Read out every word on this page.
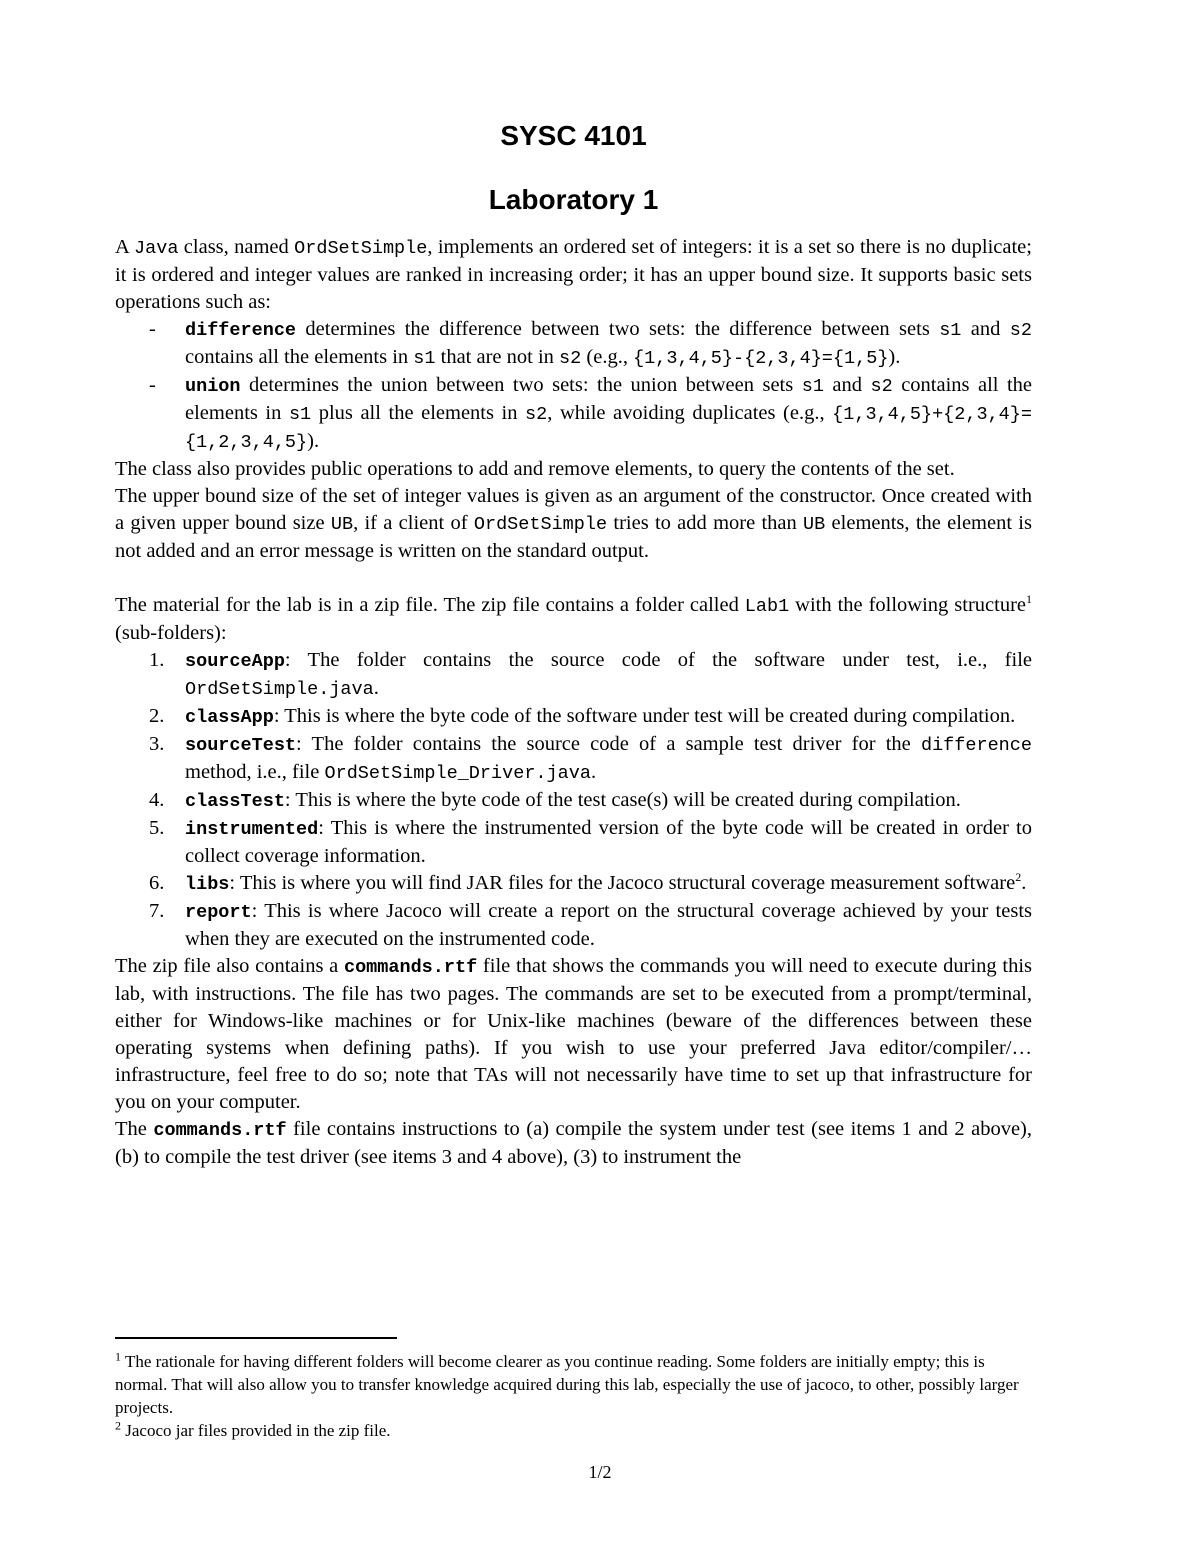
SYSC 4101
Laboratory 1

A Java class, named OrdSetSimple, implements an ordered set of integers: it is a set so there is no duplicate; it is ordered and integer values are ranked in increasing order; it has an upper bound size. It supports basic sets operations such as:

- difference determines the difference between two sets: the difference between sets s1 and s2 contains all the elements in s1 that are not in s2 (e.g., {1,3,4,5}-{2,3,4}={1,5}).
- union determines the union between two sets: the union between sets s1 and s2 contains all the elements in s1 plus all the elements in s2, while avoiding duplicates (e.g., {1,3,4,5}+{2,3,4}={1,2,3,4,5}).

The class also provides public operations to add and remove elements, to query the contents of the set.

The upper bound size of the set of integer values is given as an argument of the constructor. Once created with a given upper bound size UB, if a client of OrdSetSimple tries to add more than UB elements, the element is not added and an error message is written on the standard output.

The material for the lab is in a zip file. The zip file contains a folder called Lab1 with the following structure$^1$ (sub-folders):

1. sourceApp: The folder contains the source code of the software under test, i.e., file OrdSetSimple.java.
2. classApp: This is where the byte code of the software under test will be created during compilation.
3. sourceTest: The folder contains the source code of a sample test driver for the difference method, i.e., file OrdSetSimple_Driver.java.
4. classTest: This is where the byte code of the test case(s) will be created during compilation.
5. instrumented: This is where the instrumented version of the byte code will be created in order to collect coverage information.
6. libs: This is where you will find JAR files for the Jacoco structural coverage measurement software$^2$.
7. report: This is where Jacoco will create a report on the structural coverage achieved by your tests when they are executed on the instrumented code.

The zip file also contains a commands.rtf file that shows the commands you will need to execute during this lab, with instructions. The file has two pages. The commands are set to be executed from a prompt/terminal, either for Windows-like machines or for Unix-like machines (beware of the differences between these operating systems when defining paths). If you wish to use your preferred Java editor/compiler/… infrastructure, feel free to do so; note that TAs will not necessarily have time to set up that infrastructure for you on your computer.

The commands.rtf file contains instructions to (a) compile the system under test (see items 1 and 2 above), (b) to compile the test driver (see items 3 and 4 above), (3) to instrument the

$^1$ The rationale for having different folders will become clearer as you continue reading. Some folders are initially empty; this is normal. That will also allow you to transfer knowledge acquired during this lab, especially the use of jacoco, to other, possibly larger projects.

$^2$ Jacoco jar files provided in the zip file.

1/2
